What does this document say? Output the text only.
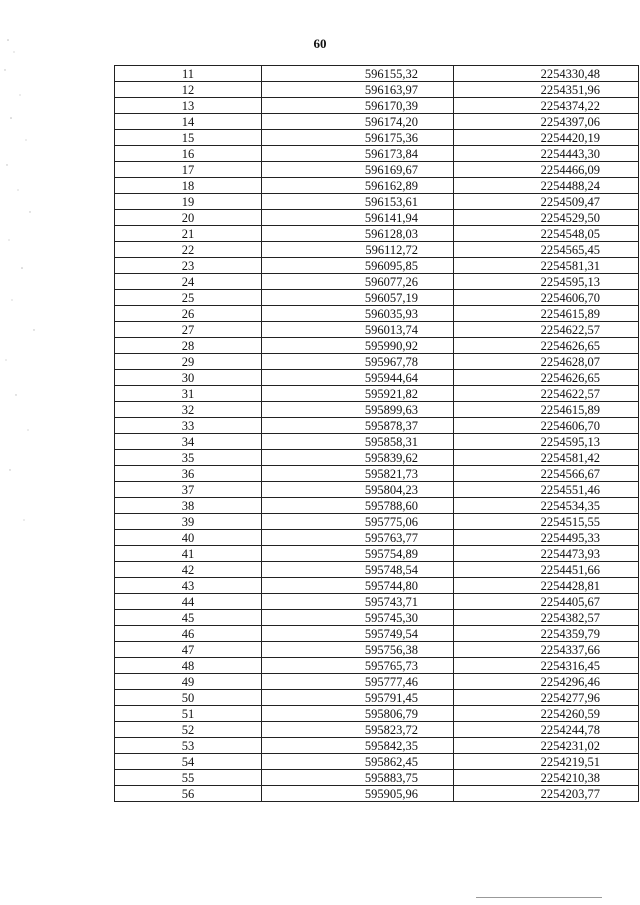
60
11	596155,32	2254330,48
12	596163,97	2254351,96
13	596170,39	2254374,22
14	596174,20	2254397,06
15	596175,36	2254420,19
16	596173,84	2254443,30
17	596169,67	2254466,09
18	596162,89	2254488,24
19	596153,61	2254509,47
20	596141,94	2254529,50
21	596128,03	2254548,05
22	596112,72	2254565,45
23	596095,85	2254581,31
24	596077,26	2254595,13
25	596057,19	2254606,70
26	596035,93	2254615,89
27	596013,74	2254622,57
28	595990,92	2254626,65
29	595967,78	2254628,07
30	595944,64	2254626,65
31	595921,82	2254622,57
32	595899,63	2254615,89
33	595878,37	2254606,70
34	595858,31	2254595,13
35	595839,62	2254581,42
36	595821,73	2254566,67
37	595804,23	2254551,46
38	595788,60	2254534,35
39	595775,06	2254515,55
40	595763,77	2254495,33
41	595754,89	2254473,93
42	595748,54	2254451,66
43	595744,80	2254428,81
44	595743,71	2254405,67
45	595745,30	2254382,57
46	595749,54	2254359,79
47	595756,38	2254337,66
48	595765,73	2254316,45
49	595777,46	2254296,46
50	595791,45	2254277,96
51	595806,79	2254260,59
52	595823,72	2254244,78
53	595842,35	2254231,02
54	595862,45	2254219,51
55	595883,75	2254210,38
56	595905,96	2254203,77
